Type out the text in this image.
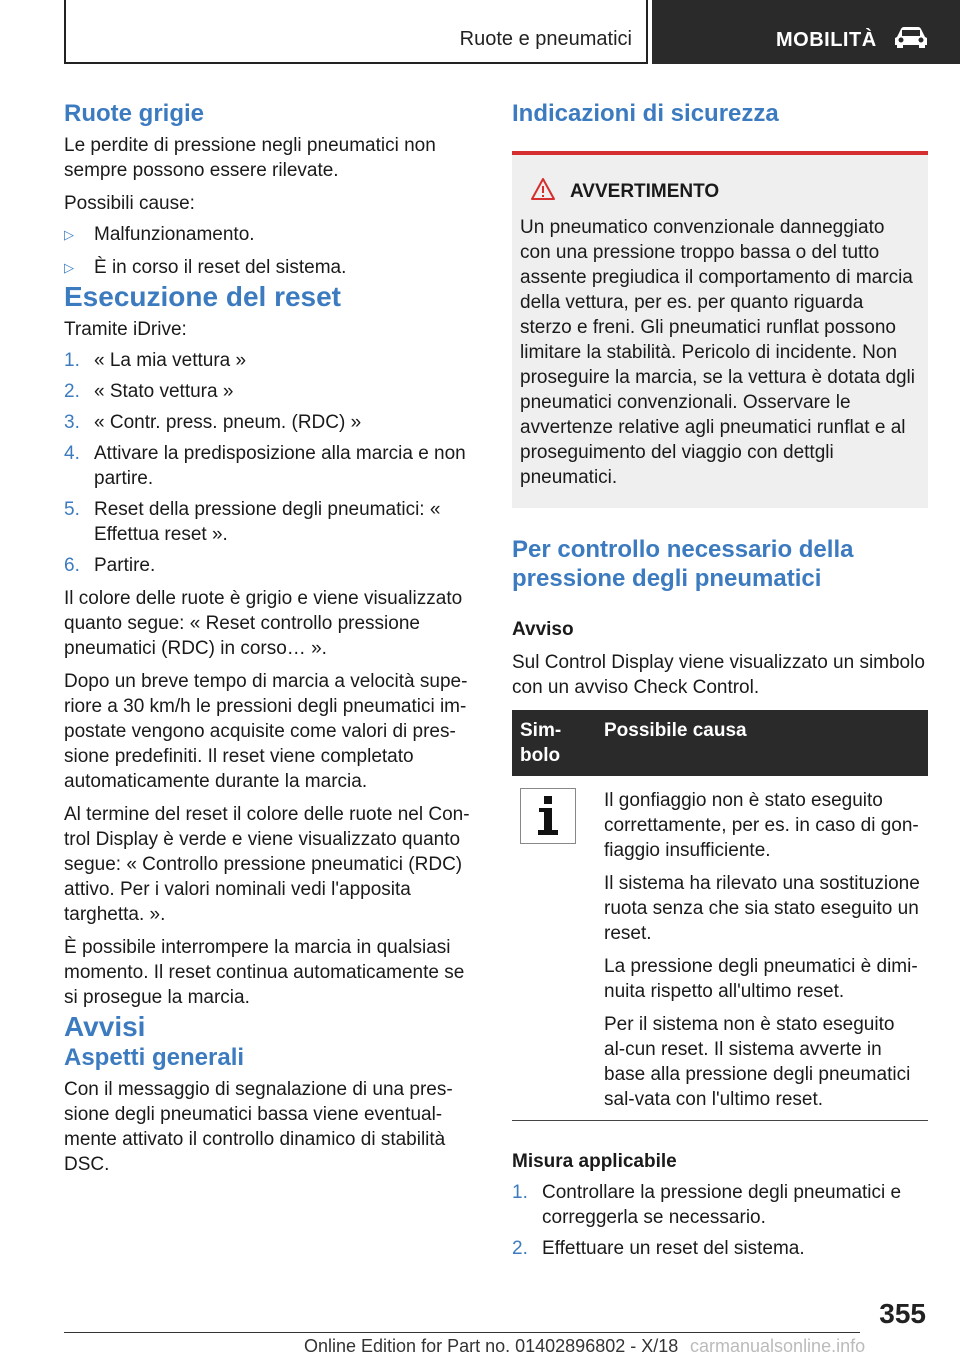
Ruote e pneumatici	MOBILITÀ
Ruote grigie

Le perdite di pressione negli pneumatici non sempre possono essere rilevate.

Possibili cause:

▷ Malfunzionamento.
▷ È in corso il reset del sistema.
Esecuzione del reset

Tramite iDrive:

1. « La mia vettura »
2. « Stato vettura »
3. « Contr. press. pneum. (RDC) »
4. Attivare la predisposizione alla marcia e non partire.
5. Reset della pressione degli pneumatici: « Effettua reset ».
6. Partire.

Il colore delle ruote è grigio e viene visualizzato quanto segue: « Reset controllo pressione pneumatici (RDC) in corso… ».

Dopo un breve tempo di marcia a velocità supe-riore a 30 km/h le pressioni degli pneumatici im-postate vengono acquisite come valori di pres-sione predefiniti. Il reset viene completato automaticamente durante la marcia.

Al termine del reset il colore delle ruote nel Con-trol Display è verde e viene visualizzato quanto segue: « Controllo pressione pneumatici (RDC) attivo. Per i valori nominali vedi l'apposita targhetta. ».

È possibile interrompere la marcia in qualsiasi momento. Il reset continua automaticamente se si prosegue la marcia.

Avvisi
Aspetti generali

Con il messaggio di segnalazione di una pres-sione degli pneumatici bassa viene eventual-mente attivato il controllo dinamico di stabilità DSC.

Indicazioni di sicurezza
AVVERTIMENTO

Un pneumatico convenzionale danneggiato con una pressione troppo bassa o del tutto assente pregiudica il comportamento di marcia della vettura, per es. per quanto riguarda sterzo e freni. Gli pneumatici runflat possono limitare la stabilità. Pericolo di incidente. Non proseguire la marcia, se la vettura è dotata dgli pneumatici convenzionali. Osservare le avvertenze relative agli pneumatici runflat e al proseguimento del viaggio con dettgli pneumatici.

Per controllo necessario della pressione degli pneumatici
Avviso

Sul Control Display viene visualizzato un simbolo con un avviso Check Control.

Sim-bolo	Possibile causa

Il gonfiaggio non è stato eseguito correttamente, per es. in caso di gon-fiaggio insufficiente.

Il sistema ha rilevato una sostituzione ruota senza che sia stato eseguito un reset.

La pressione degli pneumatici è dimi-nuita rispetto all'ultimo reset.

Per il sistema non è stato eseguito al-cun reset. Il sistema avverte in base alla pressione degli pneumatici sal-vata con l'ultimo reset.

Misura applicabile
1. Controllare la pressione degli pneumatici e correggerla se necessario.
2. Effettuare un reset del sistema.
355
Online Edition for Part no. 01402896802 - X/18 carmanualsonline.info
